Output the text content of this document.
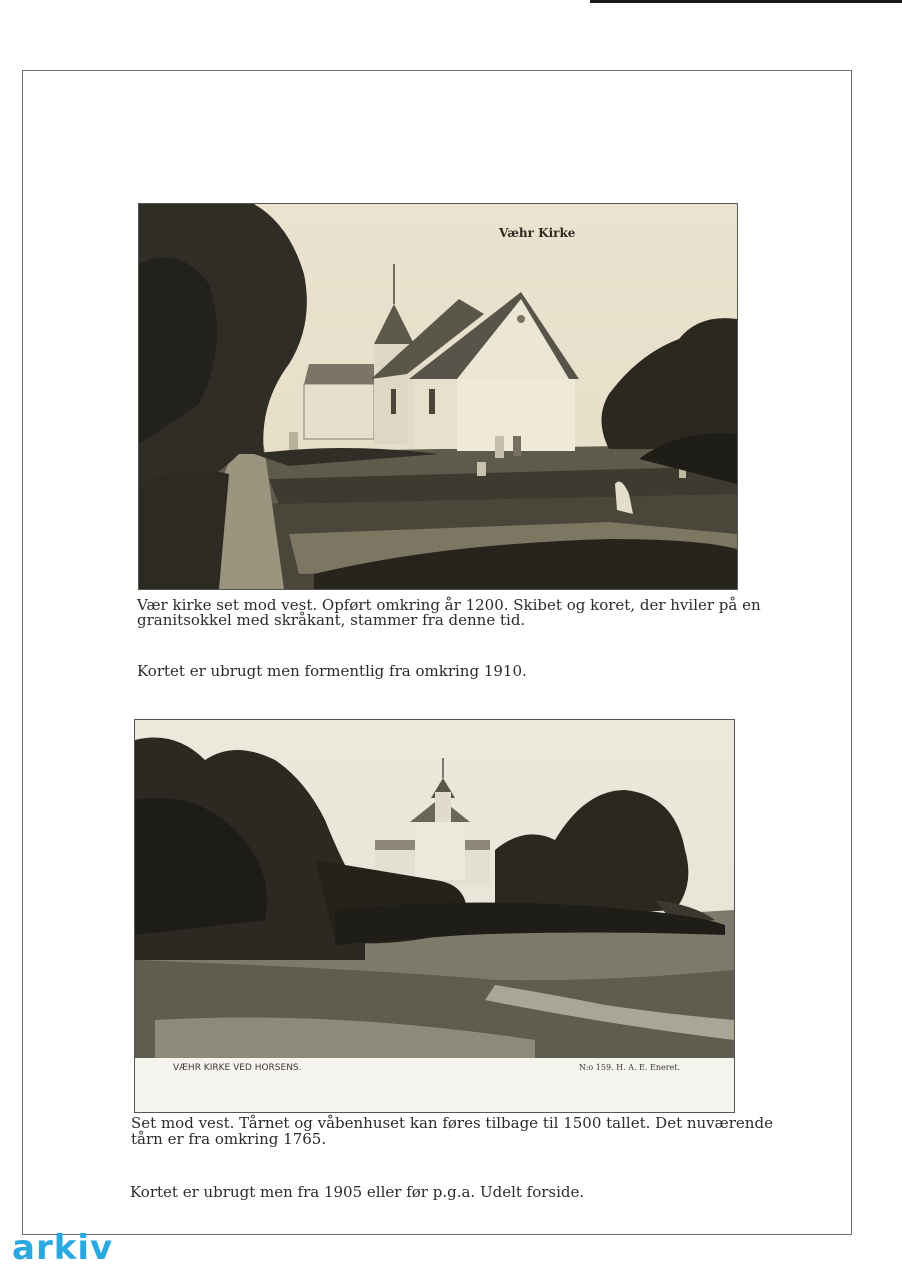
Væhr Kirke

Vær kirke set mod vest. Opført omkring år 1200. Skibet og koret, der hviler på en

granitsokkel med skråkant, stammer fra denne tid.

Kortet er ubrugt men formentlig fra omkring 1910.

VÆHR KIRKE VED HORSENS.	N:o 159. H. A. E. Eneret.

Set mod vest. Tårnet og våbenhuset kan føres tilbage til 1500 tallet. Det nuværende

tårn er fra omkring 1765.

Kortet er ubrugt men fra 1905 eller før p.g.a. Udelt forside.

arkiv
